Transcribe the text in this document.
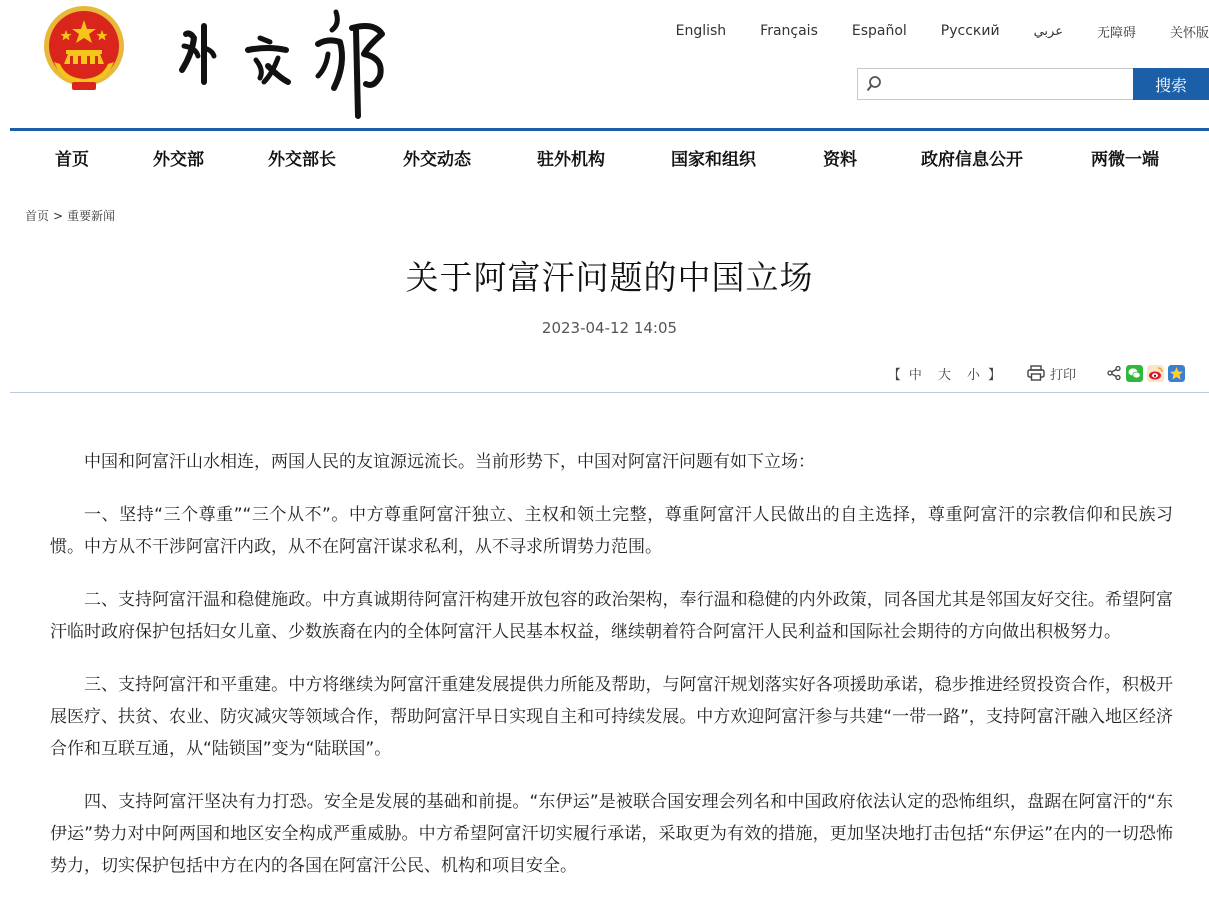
English Français Español Русский	عربي	无障碍	关怀版
搜索
首页	外交部	外交部长	外交动态	驻外机构	国家和组织	资料	政府信息公开	两微一端
首页 > 重要新闻
关于阿富汗问题的中国立场
2023-04-12 14:05
【 中 大 小 】	打印

中国和阿富汗山水相连，两国人民的友谊源远流长。当前形势下，中国对阿富汗问题有如下立场：

一、坚持“三个尊重”“三个从不”。中方尊重阿富汗独立、主权和领土完整，尊重阿富汗人民做出的自主选择，尊重阿富汗的宗教信仰和民族习惯。中方从不干涉阿富汗内政，从不在阿富汗谋求私利，从不寻求所谓势力范围。

二、支持阿富汗温和稳健施政。中方真诚期待阿富汗构建开放包容的政治架构，奉行温和稳健的内外政策，同各国尤其是邻国友好交往。希望阿富汗临时政府保护包括妇女儿童、少数族裔在内的全体阿富汗人民基本权益，继续朝着符合阿富汗人民利益和国际社会期待的方向做出积极努力。

三、支持阿富汗和平重建。中方将继续为阿富汗重建发展提供力所能及帮助，与阿富汗规划落实好各项援助承诺，稳步推进经贸投资合作，积极开展医疗、扶贫、农业、防灾减灾等领域合作，帮助阿富汗早日实现自主和可持续发展。中方欢迎阿富汗参与共建“一带一路”，支持阿富汗融入地区经济合作和互联互通，从“陆锁国”变为“陆联国”。

四、支持阿富汗坚决有力打恐。安全是发展的基础和前提。“东伊运”是被联合国安理会列名和中国政府依法认定的恐怖组织，盘踞在阿富汗的“东伊运”势力对中阿两国和地区安全构成严重威胁。中方希望阿富汗切实履行承诺，采取更为有效的措施，更加坚决地打击包括“东伊运”在内的一切恐怖势力，切实保护包括中方在内的各国在阿富汗公民、机构和项目安全。
